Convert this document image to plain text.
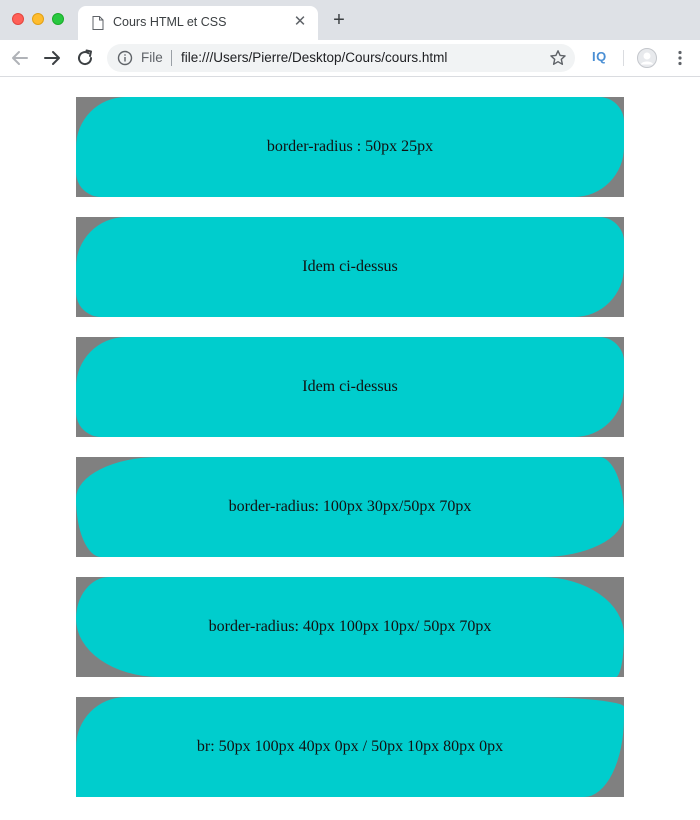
Cours HTML et CSS	✕ +
File file:///Users/Pierre/Desktop/Cours/cours.html	IQ
border-radius : 50px 25px
Idem ci-dessus
Idem ci-dessus
border-radius: 100px 30px/50px 70px
border-radius: 40px 100px 10px/ 50px 70px
br: 50px 100px 40px 0px / 50px 10px 80px 0px
